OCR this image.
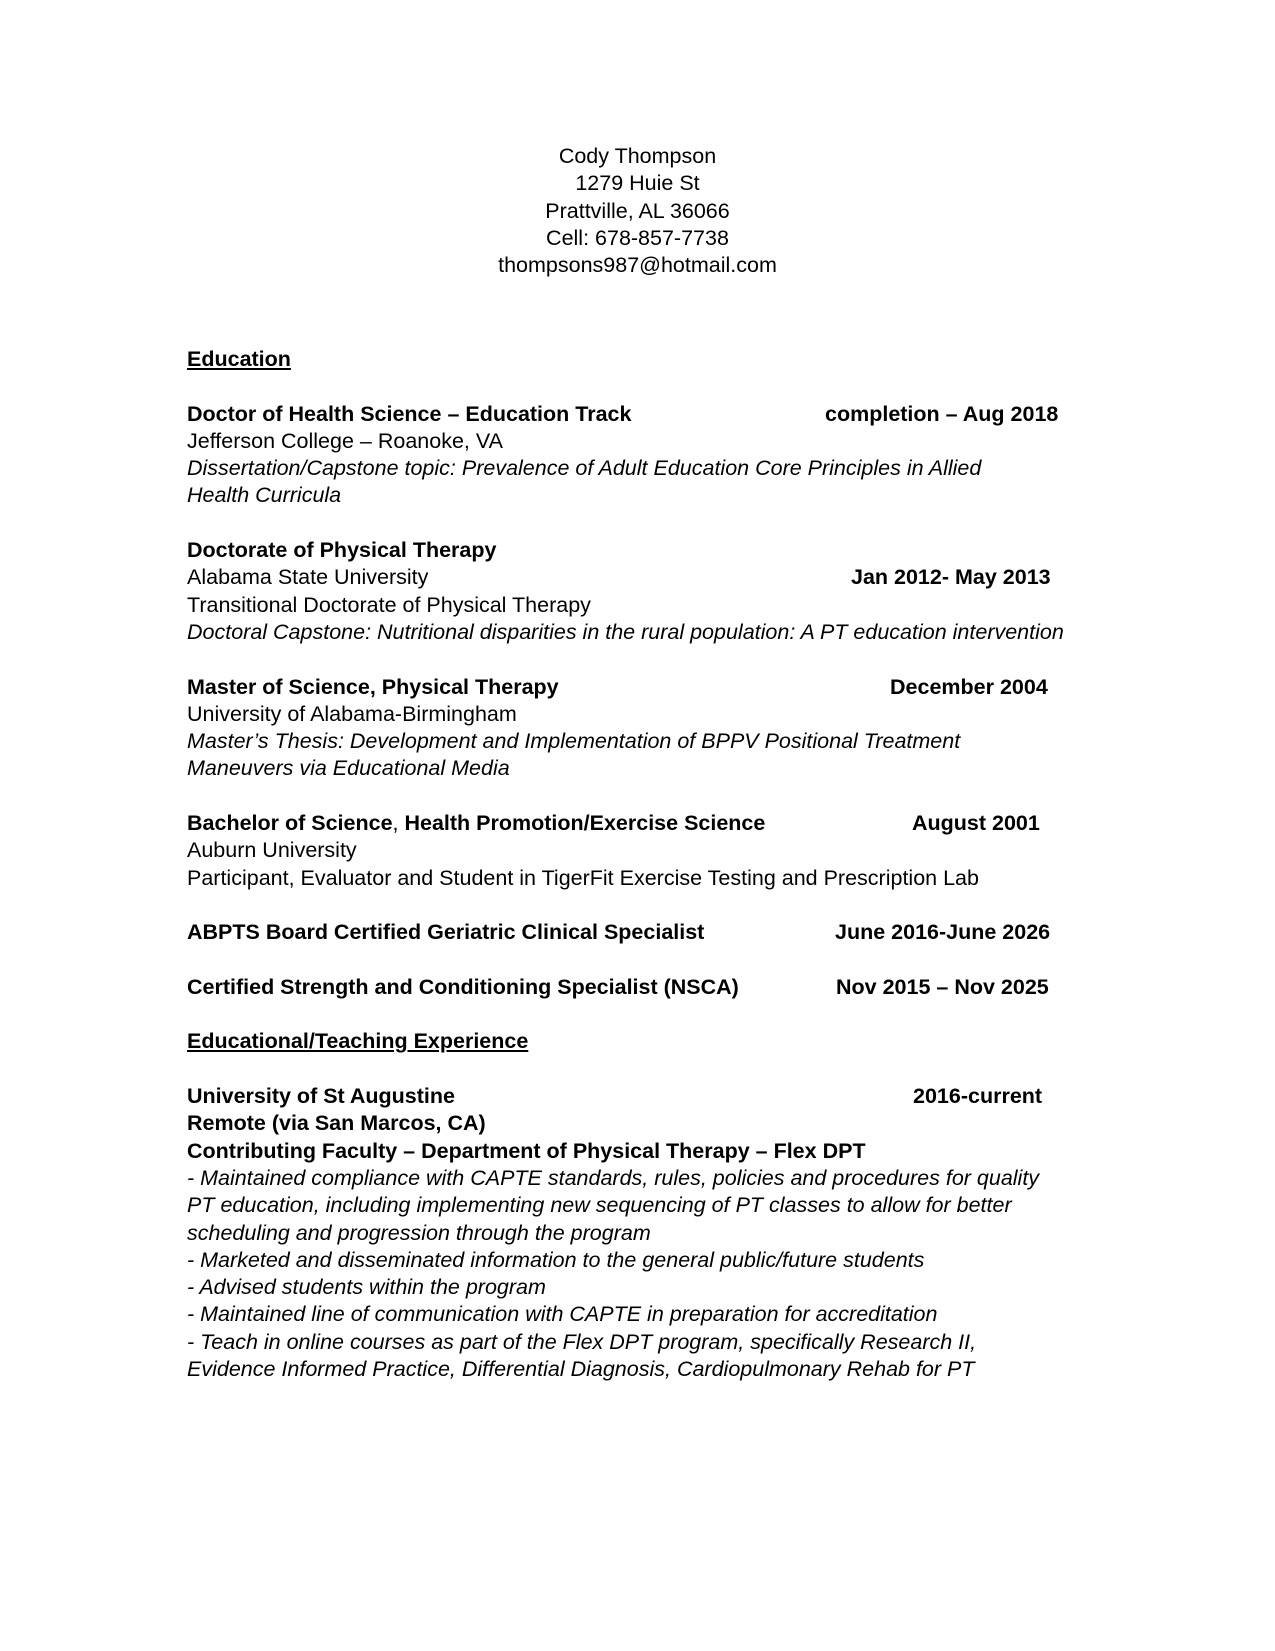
Cody Thompson
1279 Huie St
Prattville, AL 36066
Cell: 678-857-7738
thompsons987@hotmail.com
Education
Doctor of Health Science – Education Track	completion – Aug 2018
Jefferson College – Roanoke, VA
Dissertation/Capstone topic: Prevalence of Adult Education Core Principles in Allied Health Curricula
Doctorate of Physical Therapy
Alabama State University	Jan 2012- May 2013
Transitional Doctorate of Physical Therapy
Doctoral Capstone: Nutritional disparities in the rural population: A PT education intervention
Master of Science, Physical Therapy	December 2004
University of Alabama-Birmingham
Master’s Thesis: Development and Implementation of BPPV Positional Treatment Maneuvers via Educational Media
Bachelor of Science, Health Promotion/Exercise Science	August 2001
Auburn University
Participant, Evaluator and Student in TigerFit Exercise Testing and Prescription Lab
ABPTS Board Certified Geriatric Clinical Specialist	June 2016-June 2026
Certified Strength and Conditioning Specialist (NSCA)	Nov 2015 – Nov 2025
Educational/Teaching Experience
University of St Augustine	2016-current
Remote (via San Marcos, CA)
Contributing Faculty – Department of Physical Therapy – Flex DPT
- Maintained compliance with CAPTE standards, rules, policies and procedures for quality PT education, including implementing new sequencing of PT classes to allow for better scheduling and progression through the program
- Marketed and disseminated information to the general public/future students
- Advised students within the program
- Maintained line of communication with CAPTE in preparation for accreditation
- Teach in online courses as part of the Flex DPT program, specifically Research II, Evidence Informed Practice, Differential Diagnosis, Cardiopulmonary Rehab for PT
